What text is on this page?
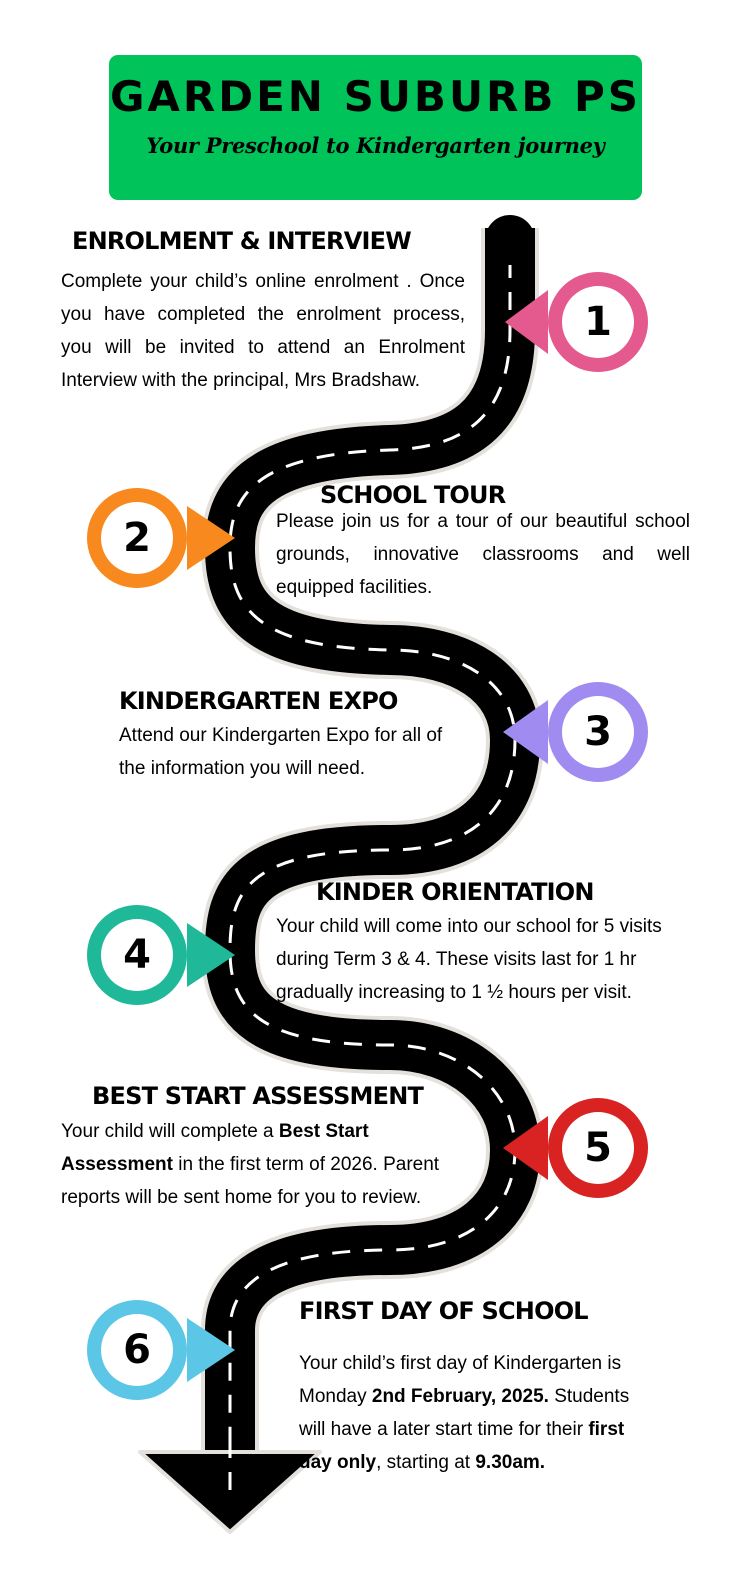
GARDEN SUBURB PS
Your Preschool to Kindergarten journey
1
2
3
4
5
6
ENROLMENT & INTERVIEW
Complete your child’s online enrolment . Once you have completed the enrolment process, you will be invited to attend an Enrolment Interview with the principal, Mrs Bradshaw.
SCHOOL TOUR
Please join us for a tour of our beautiful school grounds, innovative classrooms and well equipped facilities.
KINDERGARTEN EXPO
Attend our Kindergarten Expo for all of the information you will need.
KINDER ORIENTATION
Your child will come into our school for 5 visits during Term 3 & 4. These visits last for 1 hr gradually increasing to 1 ½ hours per visit.
BEST START ASSESSMENT
Your child will complete a Best Start Assessment in the first term of 2026. Parent reports will be sent home for you to review.
FIRST DAY OF SCHOOL
Your child’s first day of Kindergarten is Monday 2nd February, 2025. Students will have a later start time for their first day only, starting at 9.30am.
